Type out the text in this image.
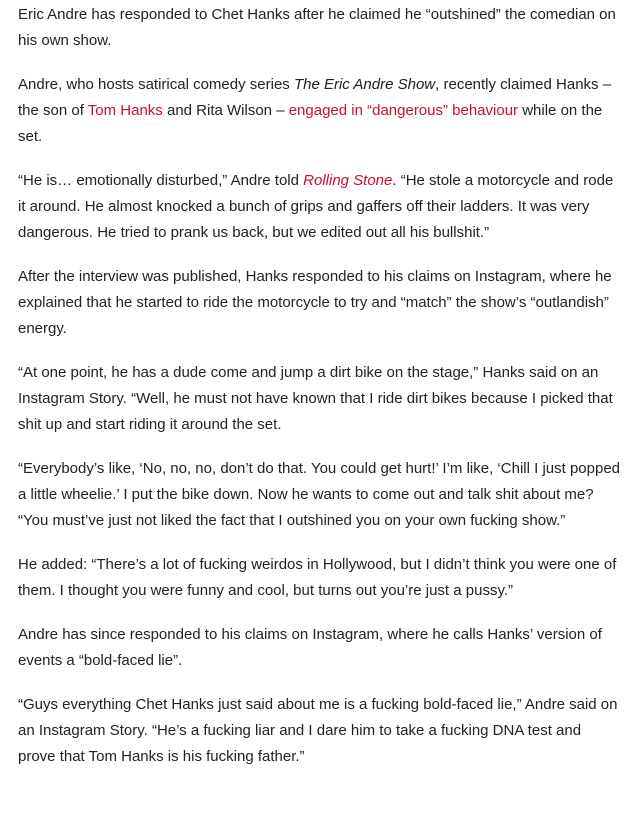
Eric Andre has responded to Chet Hanks after he claimed he “outshined” the comedian on his own show.

Andre, who hosts satirical comedy series The Eric Andre Show, recently claimed Hanks – the son of Tom Hanks and Rita Wilson – engaged in “dangerous” behaviour while on the set.

“He is… emotionally disturbed,” Andre told Rolling Stone. “He stole a motorcycle and rode it around. He almost knocked a bunch of grips and gaffers off their ladders. It was very dangerous. He tried to prank us back, but we edited out all his bullshit.”

After the interview was published, Hanks responded to his claims on Instagram, where he explained that he started to ride the motorcycle to try and “match” the show’s “outlandish” energy.

“At one point, he has a dude come and jump a dirt bike on the stage,” Hanks said on an Instagram Story. “Well, he must not have known that I ride dirt bikes because I picked that shit up and start riding it around the set.

“Everybody’s like, ‘No, no, no, don’t do that. You could get hurt!’ I’m like, ‘Chill I just popped a little wheelie.’ I put the bike down. Now he wants to come out and talk shit about me? “You must’ve just not liked the fact that I outshined you on your own fucking show.”

He added: “There’s a lot of fucking weirdos in Hollywood, but I didn’t think you were one of them. I thought you were funny and cool, but turns out you’re just a pussy.”

Andre has since responded to his claims on Instagram, where he calls Hanks’ version of events a “bold-faced lie”.

“Guys everything Chet Hanks just said about me is a fucking bold-faced lie,” Andre said on an Instagram Story. “He’s a fucking liar and I dare him to take a fucking DNA test and prove that Tom Hanks is his fucking father.”
